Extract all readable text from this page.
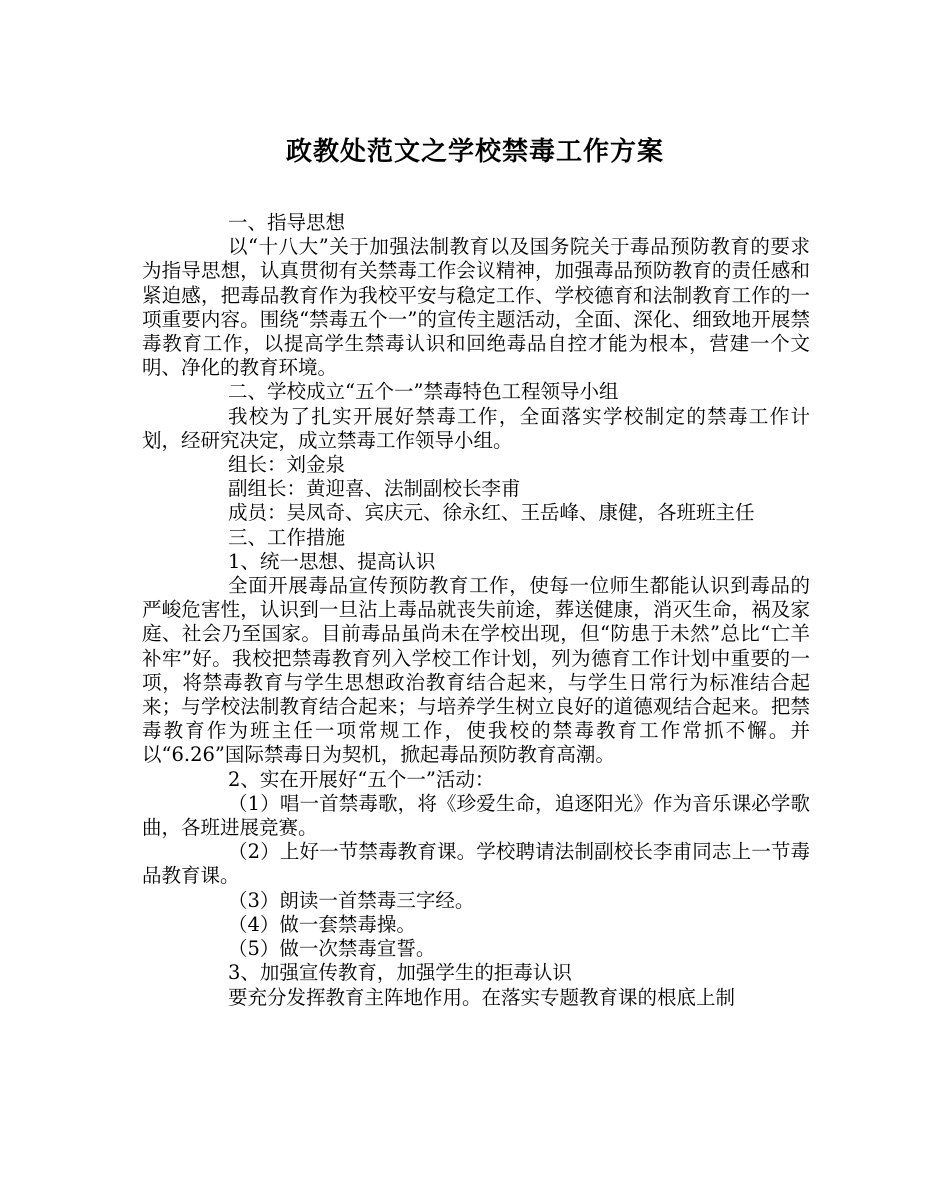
政教处范文之学校禁毒工作方案

一、指导思想

以“十八大”关于加强法制教育以及国务院关于毒品预防教育的要求为指导思想，认真贯彻有关禁毒工作会议精神，加强毒品预防教育的责任感和紧迫感，把毒品教育作为我校平安与稳定工作、学校德育和法制教育工作的一项重要内容。围绕“禁毒五个一”的宣传主题活动，全面、深化、细致地开展禁毒教育工作，以提高学生禁毒认识和回绝毒品自控才能为根本，营建一个文明、净化的教育环境。

二、学校成立“五个一”禁毒特色工程领导小组

我校为了扎实开展好禁毒工作，全面落实学校制定的禁毒工作计划，经研究决定，成立禁毒工作领导小组。

组长：刘金泉

副组长：黄迎喜、法制副校长李甫

成员：吴凤奇、宾庆元、徐永红、王岳峰、康健，各班班主任

三、工作措施

1、统一思想、提高认识

全面开展毒品宣传预防教育工作，使每一位师生都能认识到毒品的严峻危害性，认识到一旦沾上毒品就丧失前途，葬送健康，消灭生命，祸及家庭、社会乃至国家。目前毒品虽尚未在学校出现，但“防患于未然”总比“亡羊补牢”好。我校把禁毒教育列入学校工作计划，列为德育工作计划中重要的一项，将禁毒教育与学生思想政治教育结合起来，与学生日常行为标准结合起来；与学校法制教育结合起来；与培养学生树立良好的道德观结合起来。把禁毒教育作为班主任一项常规工作，使我校的禁毒教育工作常抓不懈。并以“6.26”国际禁毒日为契机，掀起毒品预防教育高潮。

2、实在开展好“五个一”活动：

（1）唱一首禁毒歌，将《珍爱生命，追逐阳光》作为音乐课必学歌曲，各班进展竞赛。

（2）上好一节禁毒教育课。学校聘请法制副校长李甫同志上一节毒品教育课。

（3）朗读一首禁毒三字经。

（4）做一套禁毒操。

（5）做一次禁毒宣誓。

3、加强宣传教育，加强学生的拒毒认识

要充分发挥教育主阵地作用。在落实专题教育课的根底上制
